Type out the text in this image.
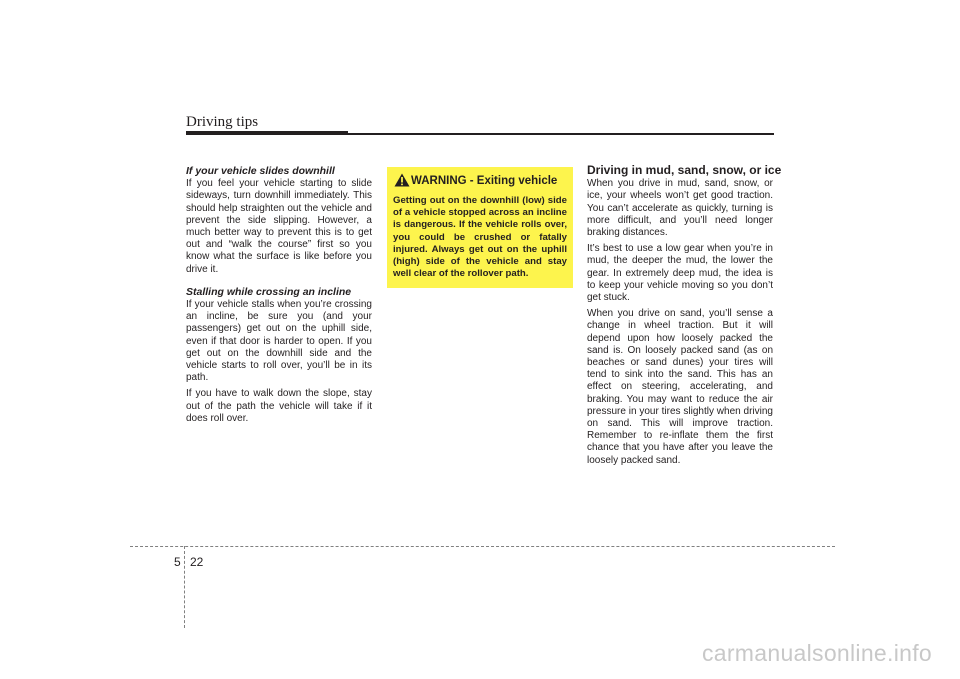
Driving tips
If your vehicle slides downhill

If you feel your vehicle starting to slide sideways, turn downhill immediately. This should help straighten out the vehicle and prevent the side slipping. However, a much better way to prevent this is to get out and “walk the course” first so you know what the surface is like before you drive it.

Stalling while crossing an incline

If your vehicle stalls when you’re crossing an incline, be sure you (and your passengers) get out on the uphill side, even if that door is harder to open. If you get out on the downhill side and the vehicle starts to roll over, you’ll be in its path.

If you have to walk down the slope, stay out of the path the vehicle will take if it does roll over.

WARNING - Exiting vehicle
Getting out on the downhill (low) side of a vehicle stopped across an incline is dangerous. If the vehicle rolls over, you could be crushed or fatally injured. Always get out on the uphill (high) side of the vehicle and stay well clear of the rollover path.
Driving in mud, sand, snow, or ice

When you drive in mud, sand, snow, or ice, your wheels won’t get good traction. You can’t accelerate as quickly, turning is more difficult, and you’ll need longer braking distances.

It’s best to use a low gear when you’re in mud, the deeper the mud, the lower the gear. In extremely deep mud, the idea is to keep your vehicle moving so you don’t get stuck.

When you drive on sand, you’ll sense a change in wheel traction. But it will depend upon how loosely packed the sand is. On loosely packed sand (as on beaches or sand dunes) your tires will tend to sink into the sand. This has an effect on steering, accelerating, and braking. You may want to reduce the air pressure in your tires slightly when driving on sand. This will improve traction. Remember to re-inflate them the first chance that you have after you leave the loosely packed sand.

5 22
carmanualsonline.info
